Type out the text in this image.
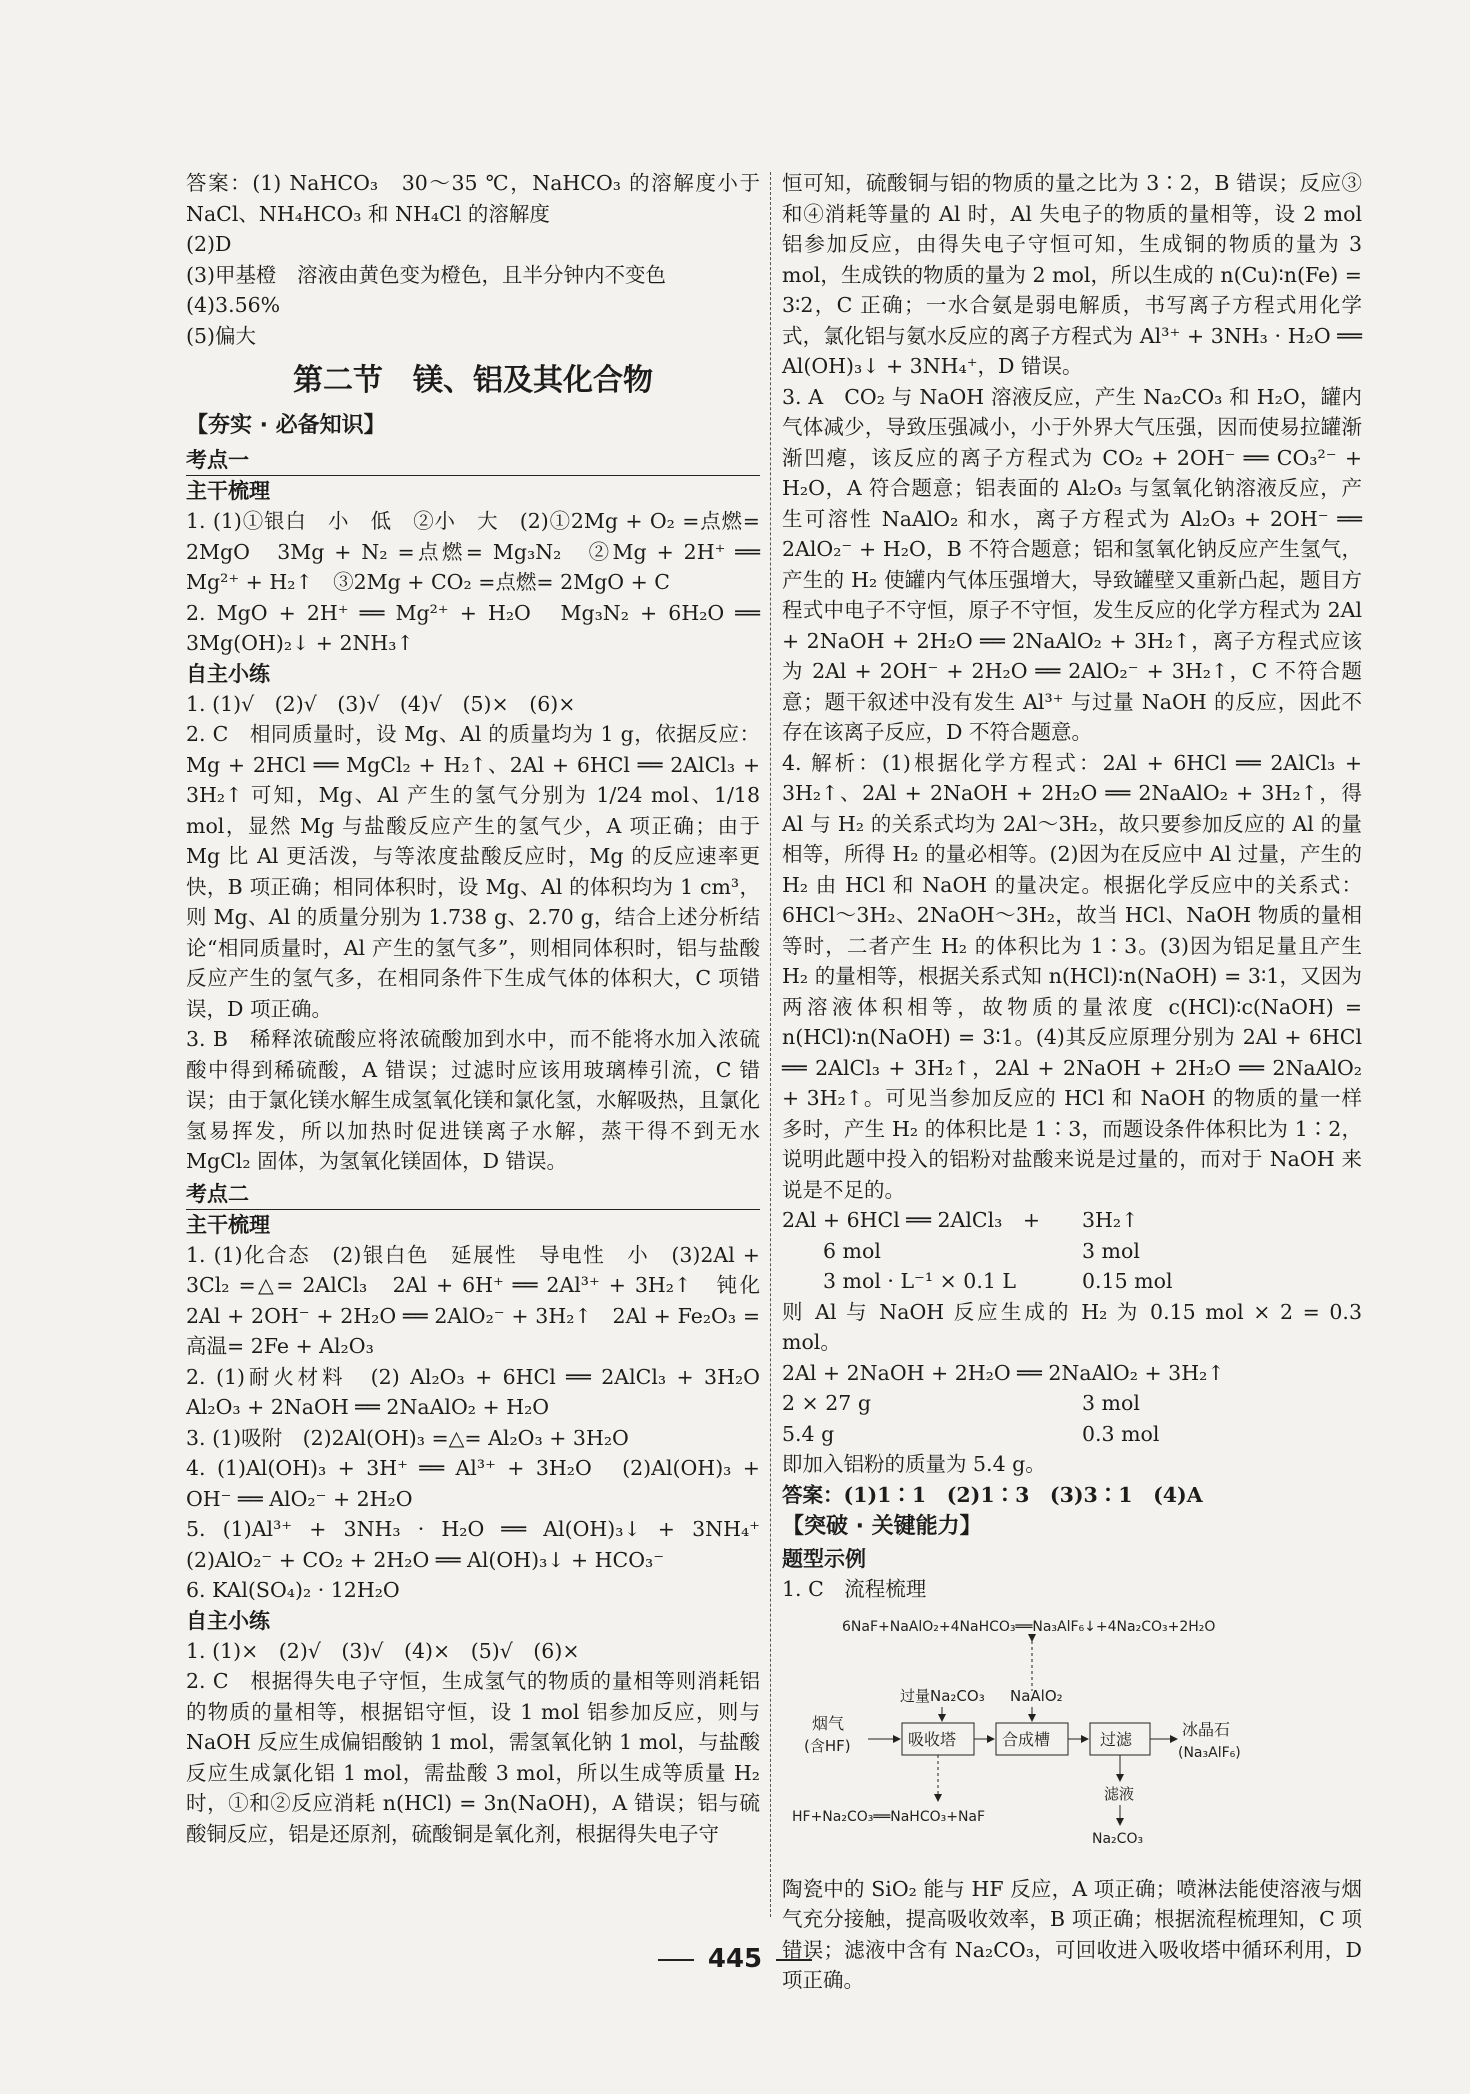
答案：(1) NaHCO₃　30～35 ℃，NaHCO₃ 的溶解度小于 NaCl、NH₄HCO₃ 和 NH₄Cl 的溶解度

(2)D

(3)甲基橙　溶液由黄色变为橙色，且半分钟内不变色

(4)3.56%

(5)偏大

第二节　镁、铝及其化合物
【夯实 · 必备知识】
考点一
主干梳理

1. (1)①银白　小　低　②小　大　(2)①2Mg + O₂ =点燃= 2MgO　3Mg + N₂ =点燃= Mg₃N₂　②Mg + 2H⁺ ══ Mg²⁺ + H₂↑　③2Mg + CO₂ =点燃= 2MgO + C

2. MgO + 2H⁺ ══ Mg²⁺ + H₂O　Mg₃N₂ + 6H₂O ══ 3Mg(OH)₂↓ + 2NH₃↑

自主小练

1. (1)√　(2)√　(3)√　(4)√　(5)×　(6)×

2. C　相同质量时，设 Mg、Al 的质量均为 1 g，依据反应：Mg + 2HCl ══ MgCl₂ + H₂↑、2Al + 6HCl ══ 2AlCl₃ + 3H₂↑ 可知，Mg、Al 产生的氢气分别为 1/24 mol、1/18 mol，显然 Mg 与盐酸反应产生的氢气少，A 项正确；由于 Mg 比 Al 更活泼，与等浓度盐酸反应时，Mg 的反应速率更快，B 项正确；相同体积时，设 Mg、Al 的体积均为 1 cm³，则 Mg、Al 的质量分别为 1.738 g、2.70 g，结合上述分析结论“相同质量时，Al 产生的氢气多”，则相同体积时，铝与盐酸反应产生的氢气多，在相同条件下生成气体的体积大，C 项错误，D 项正确。

3. B　稀释浓硫酸应将浓硫酸加到水中，而不能将水加入浓硫酸中得到稀硫酸，A 错误；过滤时应该用玻璃棒引流，C 错误；由于氯化镁水解生成氢氧化镁和氯化氢，水解吸热，且氯化氢易挥发，所以加热时促进镁离子水解，蒸干得不到无水 MgCl₂ 固体，为氢氧化镁固体，D 错误。

考点二
主干梳理

1. (1)化合态　(2)银白色　延展性　导电性　小　(3)2Al + 3Cl₂ =△= 2AlCl₃　2Al + 6H⁺ ══ 2Al³⁺ + 3H₂↑　钝化　2Al + 2OH⁻ + 2H₂O ══ 2AlO₂⁻ + 3H₂↑　2Al + Fe₂O₃ =高温= 2Fe + Al₂O₃

2. (1)耐火材料　(2) Al₂O₃ + 6HCl ══ 2AlCl₃ + 3H₂O　Al₂O₃ + 2NaOH ══ 2NaAlO₂ + H₂O

3. (1)吸附　(2)2Al(OH)₃ =△= Al₂O₃ + 3H₂O

4. (1)Al(OH)₃ + 3H⁺ ══ Al³⁺ + 3H₂O　(2)Al(OH)₃ + OH⁻ ══ AlO₂⁻ + 2H₂O

5. (1)Al³⁺ + 3NH₃ · H₂O ══ Al(OH)₃↓ + 3NH₄⁺　(2)AlO₂⁻ + CO₂ + 2H₂O ══ Al(OH)₃↓ + HCO₃⁻

6. KAl(SO₄)₂ · 12H₂O

自主小练

1. (1)×　(2)√　(3)√　(4)×　(5)√　(6)×

2. C　根据得失电子守恒，生成氢气的物质的量相等则消耗铝的物质的量相等，根据铝守恒，设 1 mol 铝参加反应，则与 NaOH 反应生成偏铝酸钠 1 mol，需氢氧化钠 1 mol，与盐酸反应生成氯化铝 1 mol，需盐酸 3 mol，所以生成等质量 H₂ 时，①和②反应消耗 n(HCl) = 3n(NaOH)，A 错误；铝与硫酸铜反应，铝是还原剂，硫酸铜是氧化剂，根据得失电子守

恒可知，硫酸铜与铝的物质的量之比为 3∶2，B 错误；反应③和④消耗等量的 Al 时，Al 失电子的物质的量相等，设 2 mol 铝参加反应，由得失电子守恒可知，生成铜的物质的量为 3 mol，生成铁的物质的量为 2 mol，所以生成的 n(Cu)∶n(Fe) = 3∶2，C 正确；一水合氨是弱电解质，书写离子方程式用化学式，氯化铝与氨水反应的离子方程式为 Al³⁺ + 3NH₃ · H₂O ══ Al(OH)₃↓ + 3NH₄⁺，D 错误。

3. A　CO₂ 与 NaOH 溶液反应，产生 Na₂CO₃ 和 H₂O，罐内气体减少，导致压强减小，小于外界大气压强，因而使易拉罐渐渐凹瘪，该反应的离子方程式为 CO₂ + 2OH⁻ ══ CO₃²⁻ + H₂O，A 符合题意；铝表面的 Al₂O₃ 与氢氧化钠溶液反应，产生可溶性 NaAlO₂ 和水，离子方程式为 Al₂O₃ + 2OH⁻ ══ 2AlO₂⁻ + H₂O，B 不符合题意；铝和氢氧化钠反应产生氢气，产生的 H₂ 使罐内气体压强增大，导致罐壁又重新凸起，题目方程式中电子不守恒，原子不守恒，发生反应的化学方程式为 2Al + 2NaOH + 2H₂O ══ 2NaAlO₂ + 3H₂↑，离子方程式应该为 2Al + 2OH⁻ + 2H₂O ══ 2AlO₂⁻ + 3H₂↑，C 不符合题意；题干叙述中没有发生 Al³⁺ 与过量 NaOH 的反应，因此不存在该离子反应，D 不符合题意。

4. 解析：(1)根据化学方程式：2Al + 6HCl ══ 2AlCl₃ + 3H₂↑、2Al + 2NaOH + 2H₂O ══ 2NaAlO₂ + 3H₂↑，得 Al 与 H₂ 的关系式均为 2Al～3H₂，故只要参加反应的 Al 的量相等，所得 H₂ 的量必相等。(2)因为在反应中 Al 过量，产生的 H₂ 由 HCl 和 NaOH 的量决定。根据化学反应中的关系式：6HCl～3H₂、2NaOH～3H₂，故当 HCl、NaOH 物质的量相等时，二者产生 H₂ 的体积比为 1∶3。(3)因为铝足量且产生 H₂ 的量相等，根据关系式知 n(HCl)∶n(NaOH) = 3∶1，又因为两溶液体积相等，故物质的量浓度 c(HCl)∶c(NaOH) = n(HCl)∶n(NaOH) = 3∶1。(4)其反应原理分别为 2Al + 6HCl ══ 2AlCl₃ + 3H₂↑，2Al + 2NaOH + 2H₂O ══ 2NaAlO₂ + 3H₂↑。可见当参加反应的 HCl 和 NaOH 的物质的量一样多时，产生 H₂ 的体积比是 1∶3，而题设条件体积比为 1∶2，说明此题中投入的铝粉对盐酸来说是过量的，而对于 NaOH 来说是不足的。

2Al + 6HCl ══ 2AlCl₃　+	3H₂↑
　　6 mol	3 mol
　　3 mol · L⁻¹ × 0.1 L	0.15 mol

则 Al 与 NaOH 反应生成的 H₂ 为 0.15 mol × 2 = 0.3 mol。

2Al + 2NaOH + 2H₂O ══ 2NaAlO₂ + 3H₂↑
2 × 27 g	3 mol
5.4 g	0.3 mol

即加入铝粉的质量为 5.4 g。

答案：(1)1∶1　(2)1∶3　(3)3∶1　(4)A

【突破 · 关键能力】
题型示例

1. C　流程梳理

6NaF+NaAlO₂+4NaHCO₃══Na₃AlF₆↓+4Na₂CO₃+2H₂O
过量Na₂CO₃ NaAlO₂
烟气
(含HF)	吸收塔	合成槽	过滤
冰晶石
(Na₃AlF₆)
滤液
Na₂CO₃
HF+Na₂CO₃══NaHCO₃+NaF

陶瓷中的 SiO₂ 能与 HF 反应，A 项正确；喷淋法能使溶液与烟气充分接触，提高吸收效率，B 项正确；根据流程梳理知，C 项错误；滤液中含有 Na₂CO₃，可回收进入吸收塔中循环利用，D 项正确。

445
